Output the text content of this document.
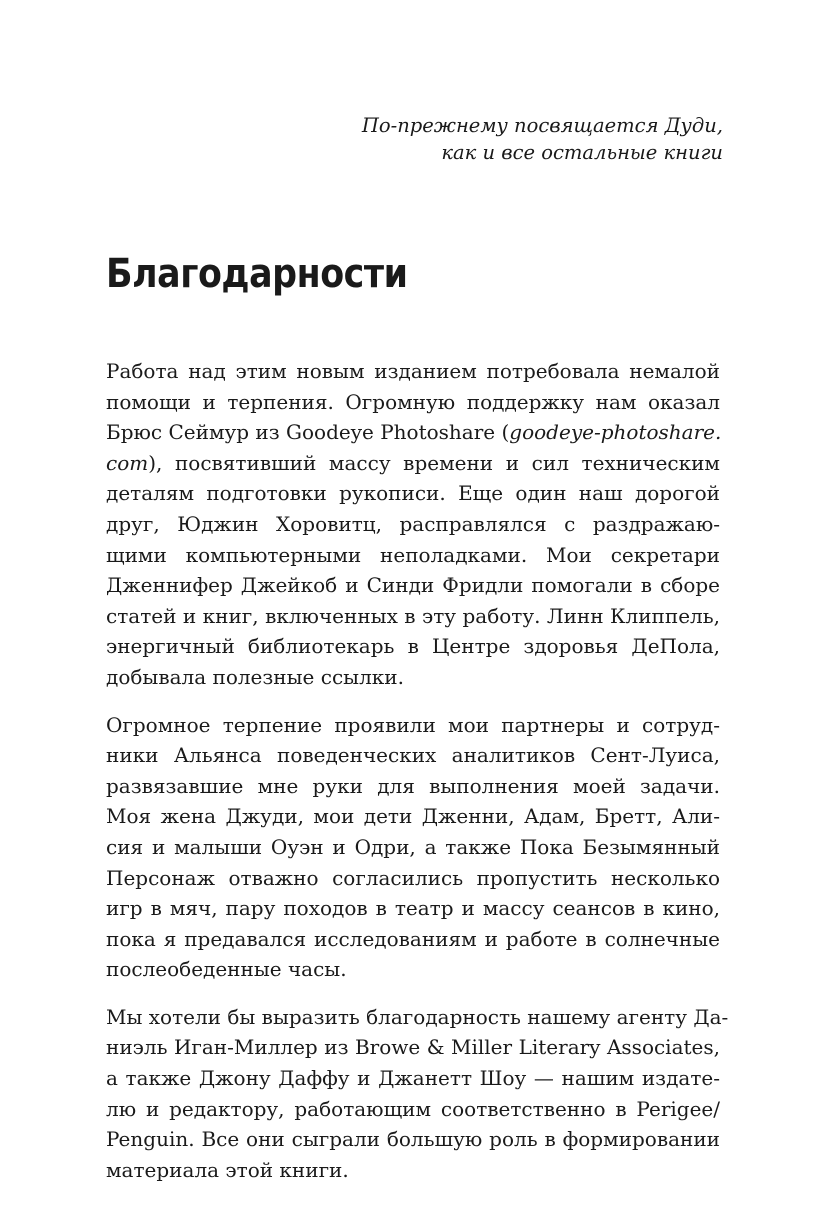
По-прежнему посвящается Дуди,
как и все остальные книги
Благодарности
Работа над этим новым изданием потребовала немалой
помощи и терпения. Огромную поддержку нам оказал
Брюс Сеймур из Goodeye Photoshare (goodeye-photoshare.
com), посвятивший массу времени и сил техническим
деталям подготовки рукописи. Еще один наш дорогой
друг, Юджин Хоровитц, расправлялся с раздражаю-
щими компьютерными неполадками. Мои секретари
Дженнифер Джейкоб и Синди Фридли помогали в сборе
статей и книг, включенных в эту работу. Линн Клиппель,
энергичный библиотекарь в Центре здоровья ДеПола,
добывала полезные ссылки.
Огромное терпение проявили мои партнеры и сотруд-
ники Альянса поведенческих аналитиков Сент-Луиса,
развязавшие мне руки для выполнения моей задачи.
Моя жена Джуди, мои дети Дженни, Адам, Бретт, Али-
сия и малыши Оуэн и Одри, а также Пока Безымянный
Персонаж отважно согласились пропустить несколько
игр в мяч, пару походов в театр и массу сеансов в кино,
пока я предавался исследованиям и работе в солнечные
послеобеденные часы.
Мы хотели бы выразить благодарность нашему агенту Да-
ниэль Иган-Миллер из Browe & Miller Literary Associates,
а также Джону Даффу и Джанетт Шоу — нашим издате-
лю и редактору, работающим соответственно в Perigee/
Penguin. Все они сыграли большую роль в формировании
материала этой книги.
